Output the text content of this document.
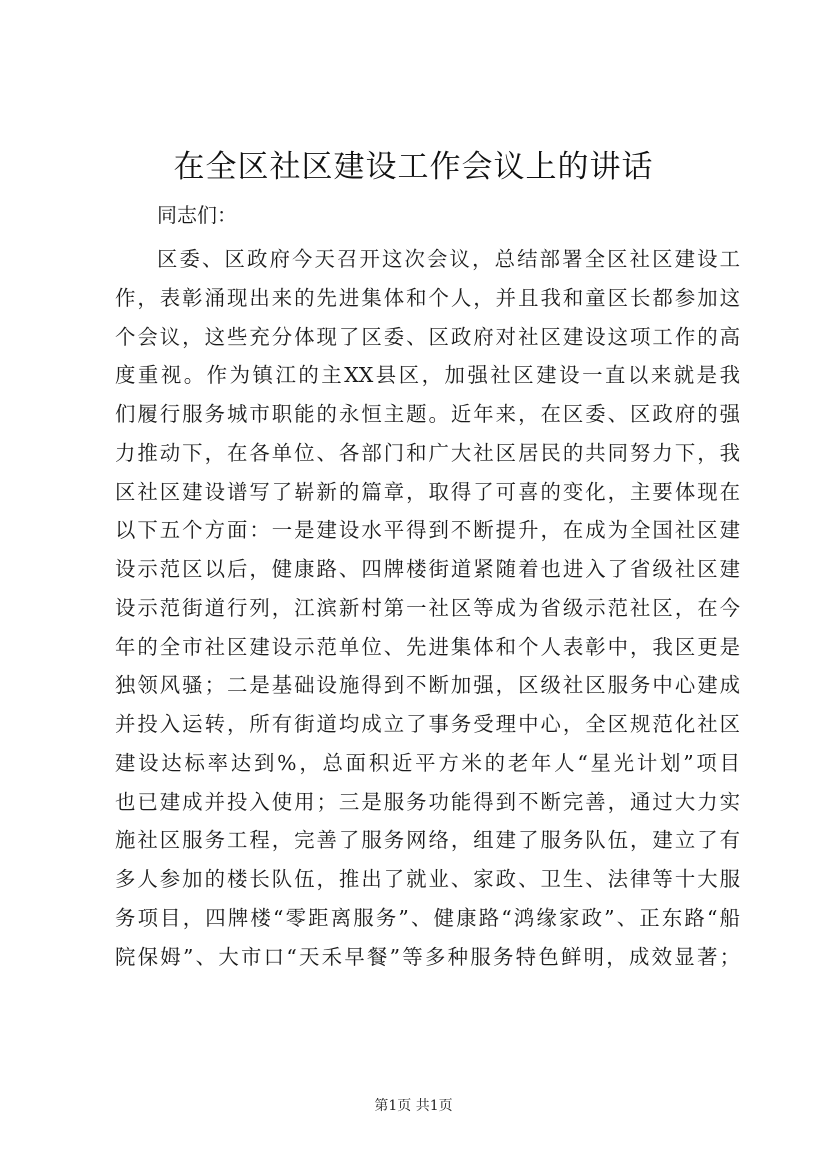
在全区社区建设工作会议上的讲话
同志们：
区委、区政府今天召开这次会议，总结部署全区社区建设工
作，表彰涌现出来的先进集体和个人，并且我和童区长都参加这
个会议，这些充分体现了区委、区政府对社区建设这项工作的高
度重视。作为镇江的主XX县区，加强社区建设一直以来就是我
们履行服务城市职能的永恒主题。近年来，在区委、区政府的强
力推动下，在各单位、各部门和广大社区居民的共同努力下，我
区社区建设谱写了崭新的篇章，取得了可喜的变化，主要体现在
以下五个方面：一是建设水平得到不断提升，在成为全国社区建
设示范区以后，健康路、四牌楼街道紧随着也进入了省级社区建
设示范街道行列，江滨新村第一社区等成为省级示范社区，在今
年的全市社区建设示范单位、先进集体和个人表彰中，我区更是
独领风骚；二是基础设施得到不断加强，区级社区服务中心建成
并投入运转，所有街道均成立了事务受理中心，全区规范化社区
建设达标率达到%，总面积近平方米的老年人“星光计划”项目
也已建成并投入使用；三是服务功能得到不断完善，通过大力实
施社区服务工程，完善了服务网络，组建了服务队伍，建立了有
多人参加的楼长队伍，推出了就业、家政、卫生、法律等十大服
务项目，四牌楼“零距离服务”、健康路“鸿缘家政”、正东路“船
院保姆”、大市口“天禾早餐”等多种服务特色鲜明，成效显著；
第1页 共1页
